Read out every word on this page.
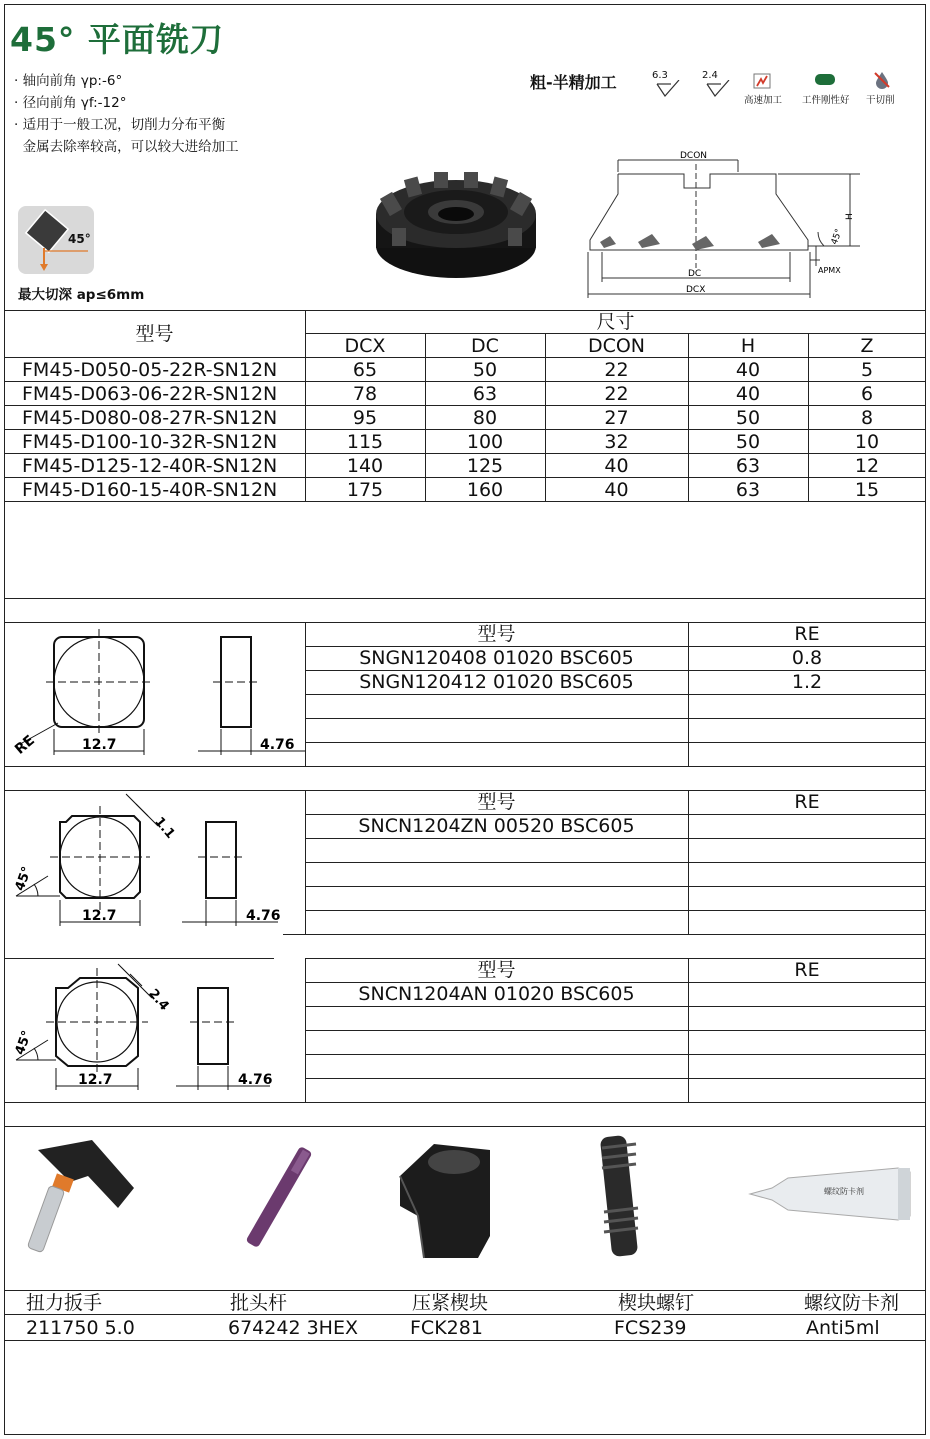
45° 平面铣刀
· 轴向前角 γp:-6°
· 径向前角 γf:-12°
· 适用于一般工况，切削力分布平衡
金属去除率较高，可以较大进给加工
粗-半精加工	6.3	2.4
高速加工 工件刚性好 干切削
45°
最大切深 ap≤6mm
DCON
H
45°
APMX
DC
DCX
型号
尺寸
DCX	DC	DCON	H	Z
FM45-D050-05-22R-SN12N	65	50	22	40	5
FM45-D063-06-22R-SN12N	78	63	22	40	6
FM45-D080-08-27R-SN12N	95	80	27	50	8
FM45-D100-10-32R-SN12N	115	100	32	50	10
FM45-D125-12-40R-SN12N	140	125	40	63	12
FM45-D160-15-40R-SN12N	175	160	40	63	15
型号	RE
SNGN120408 01020 BSC605	0.8
SNGN120412 01020 BSC605	1.2
12.7	4.76
RE
型号	RE
SNCN1204ZN 00520 BSC605
12.7	4.76
1.1
45°
型号	RE
SNCN1204AN 01020 BSC605
12.7	4.76
2.4
45°
螺纹防卡剂
扭力扳手	批头杆	压紧楔块	楔块螺钉	螺纹防卡剂
211750 5.0	674242 3HEX	FCK281	FCS239	Anti5ml
